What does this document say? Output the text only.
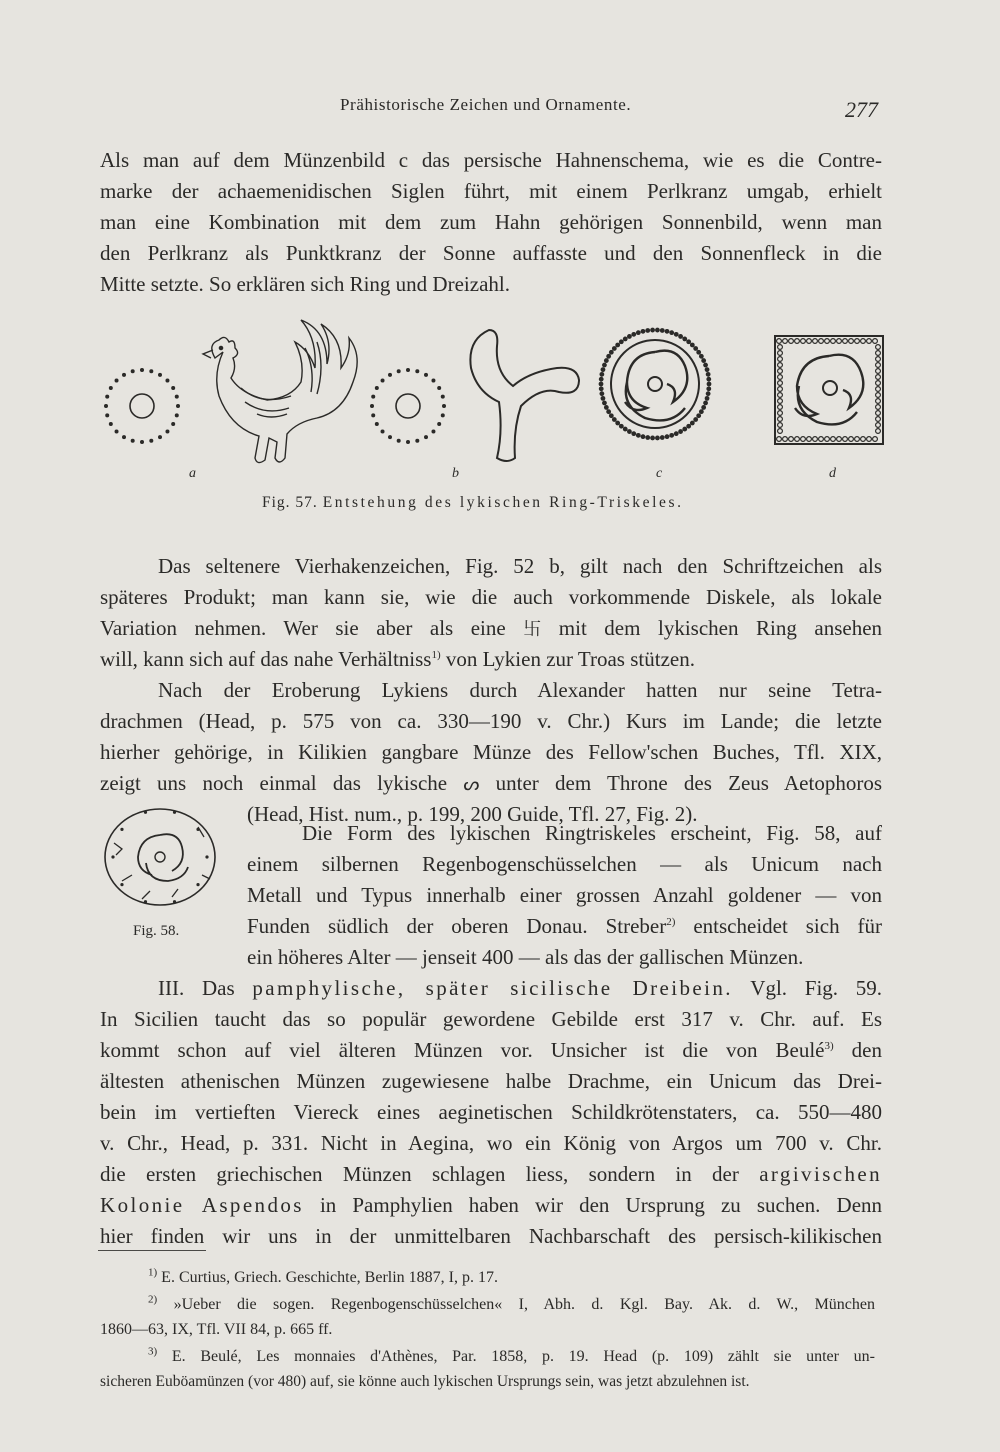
Prähistorische Zeichen und Ornamente.	277
Als man auf dem Münzenbild c das persische Hahnenschema, wie es die Contre-
marke der achaemenidischen Siglen führt, mit einem Perlkranz umgab, erhielt
man eine Kombination mit dem zum Hahn gehörigen Sonnenbild, wenn man
den Perlkranz als Punktkranz der Sonne auffasste und den Sonnenfleck in die
Mitte setzte. So erklären sich Ring und Dreizahl.
a	b	c	d
Fig. 57. Entstehung des lykischen Ring-Triskeles.
Das seltenere Vierhakenzeichen, Fig. 52 b, gilt nach den Schriftzeichen als
späteres Produkt; man kann sie, wie die auch vorkommende Diskele, als lokale
Variation nehmen. Wer sie aber als eine 卐 mit dem lykischen Ring ansehen
will, kann sich auf das nahe Verhältniss$^{1)}$ von Lykien zur Troas stützen.
Nach der Eroberung Lykiens durch Alexander hatten nur seine Tetra-
drachmen (Head, p. 575 von ca. 330—190 v. Chr.) Kurs im Lande; die letzte
hierher gehörige, in Kilikien gangbare Münze des Fellow'schen Buches, Tfl. XIX,
zeigt uns noch einmal das lykische ᔕ unter dem Throne des Zeus Aetophoros
(Head, Hist. num., p. 199, 200 Guide, Tfl. 27, Fig. 2).
Fig. 58.
Die Form des lykischen Ringtriskeles erscheint, Fig. 58, auf
einem silbernen Regenbogenschüsselchen — als Unicum nach
Metall und Typus innerhalb einer grossen Anzahl goldener — von
Funden südlich der oberen Donau. Streber$^{2)}$ entscheidet sich für
ein höheres Alter — jenseit 400 — als das der gallischen Münzen.
III. Das pamphylische, später sicilische Dreibein. Vgl. Fig. 59.
In Sicilien taucht das so populär gewordene Gebilde erst 317 v. Chr. auf. Es
kommt schon auf viel älteren Münzen vor. Unsicher ist die von Beulé$^{3)}$ den
ältesten athenischen Münzen zugewiesene halbe Drachme, ein Unicum das Drei-
bein im vertieften Viereck eines aeginetischen Schildkrötenstaters, ca. 550—480
v. Chr., Head, p. 331. Nicht in Aegina, wo ein König von Argos um 700 v. Chr.
die ersten griechischen Münzen schlagen liess, sondern in der argivischen
Kolonie Aspendos in Pamphylien haben wir den Ursprung zu suchen. Denn
hier finden wir uns in der unmittelbaren Nachbarschaft des persisch-kilikischen
$^{1)}$ E. Curtius, Griech. Geschichte, Berlin 1887, I, p. 17.
$^{2)}$ »Ueber die sogen. Regenbogenschüsselchen« I, Abh. d. Kgl. Bay. Ak. d. W., München
1860—63, IX, Tfl. VII 84, p. 665 ff.
$^{3)}$ E. Beulé, Les monnaies d'Athènes, Par. 1858, p. 19. Head (p. 109) zählt sie unter un-
sicheren Euböamünzen (vor 480) auf, sie könne auch lykischen Ursprungs sein, was jetzt abzulehnen ist.
